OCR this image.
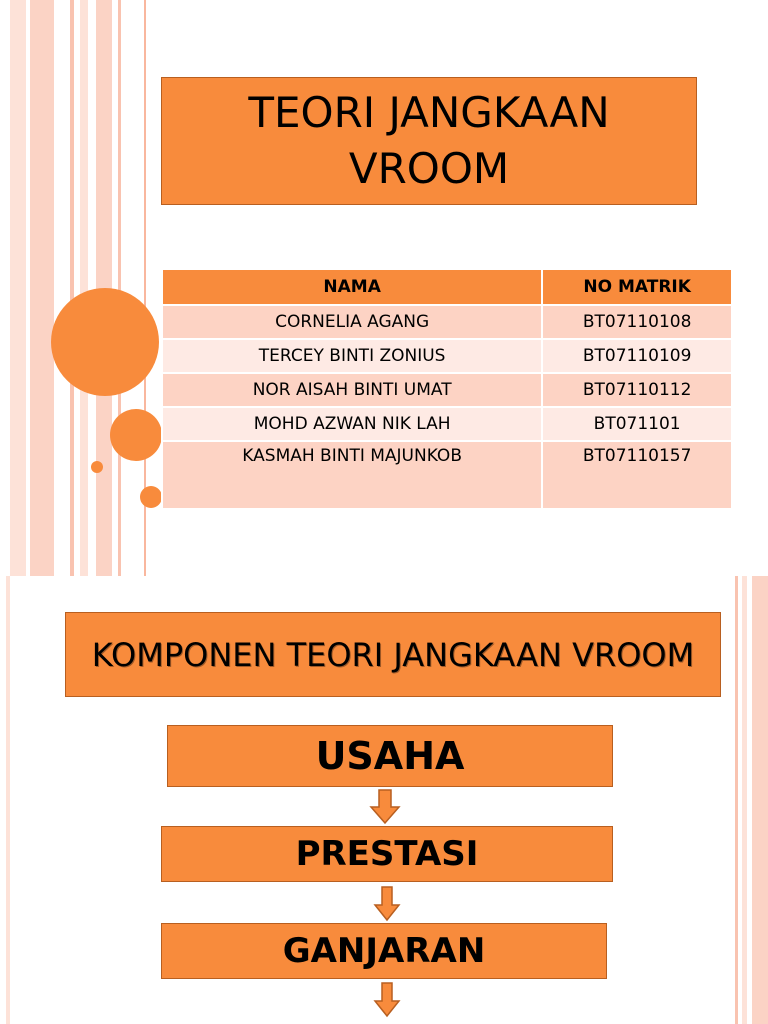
TEORI JANGKAAN VROOM
NAMA	NO MATRIK
CORNELIA AGANG	BT07110108
TERCEY BINTI ZONIUS	BT07110109
NOR AISAH BINTI UMAT	BT07110112
MOHD AZWAN NIK LAH	BT071101
KASMAH BINTI MAJUNKOB	BT07110157
KOMPONEN TEORI JANGKAAN VROOM
USAHA
PRESTASI
GANJARAN
